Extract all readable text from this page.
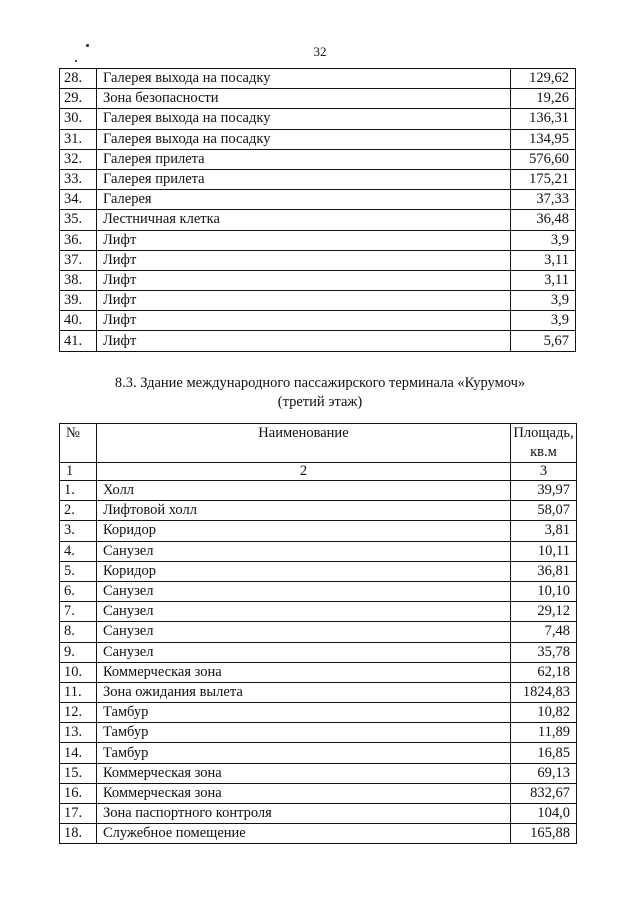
32
28.	Галерея выхода на посадку	129,62
29.	Зона безопасности	19,26
30.	Галерея выхода на посадку	136,31
31.	Галерея выхода на посадку	134,95
32.	Галерея прилета	576,60
33.	Галерея прилета	175,21
34.	Галерея	37,33
35.	Лестничная клетка	36,48
36.	Лифт	3,9
37.	Лифт	3,11
38.	Лифт	3,11
39.	Лифт	3,9
40.	Лифт	3,9
41.	Лифт	5,67
8.3. Здание международного пассажирского терминала «Курумоч»
(третий этаж)
№	Наименование	Площадь, кв.м
1	2	3
1.	Холл	39,97
2.	Лифтовой холл	58,07
3.	Коридор	3,81
4.	Санузел	10,11
5.	Коридор	36,81
6.	Санузел	10,10
7.	Санузел	29,12
8.	Санузел	7,48
9.	Санузел	35,78
10.	Коммерческая зона	62,18
11.	Зона ожидания вылета	1824,83
12.	Тамбур	10,82
13.	Тамбур	11,89
14.	Тамбур	16,85
15.	Коммерческая зона	69,13
16.	Коммерческая зона	832,67
17.	Зона паспортного контроля	104,0
18.	Служебное помещение	165,88
